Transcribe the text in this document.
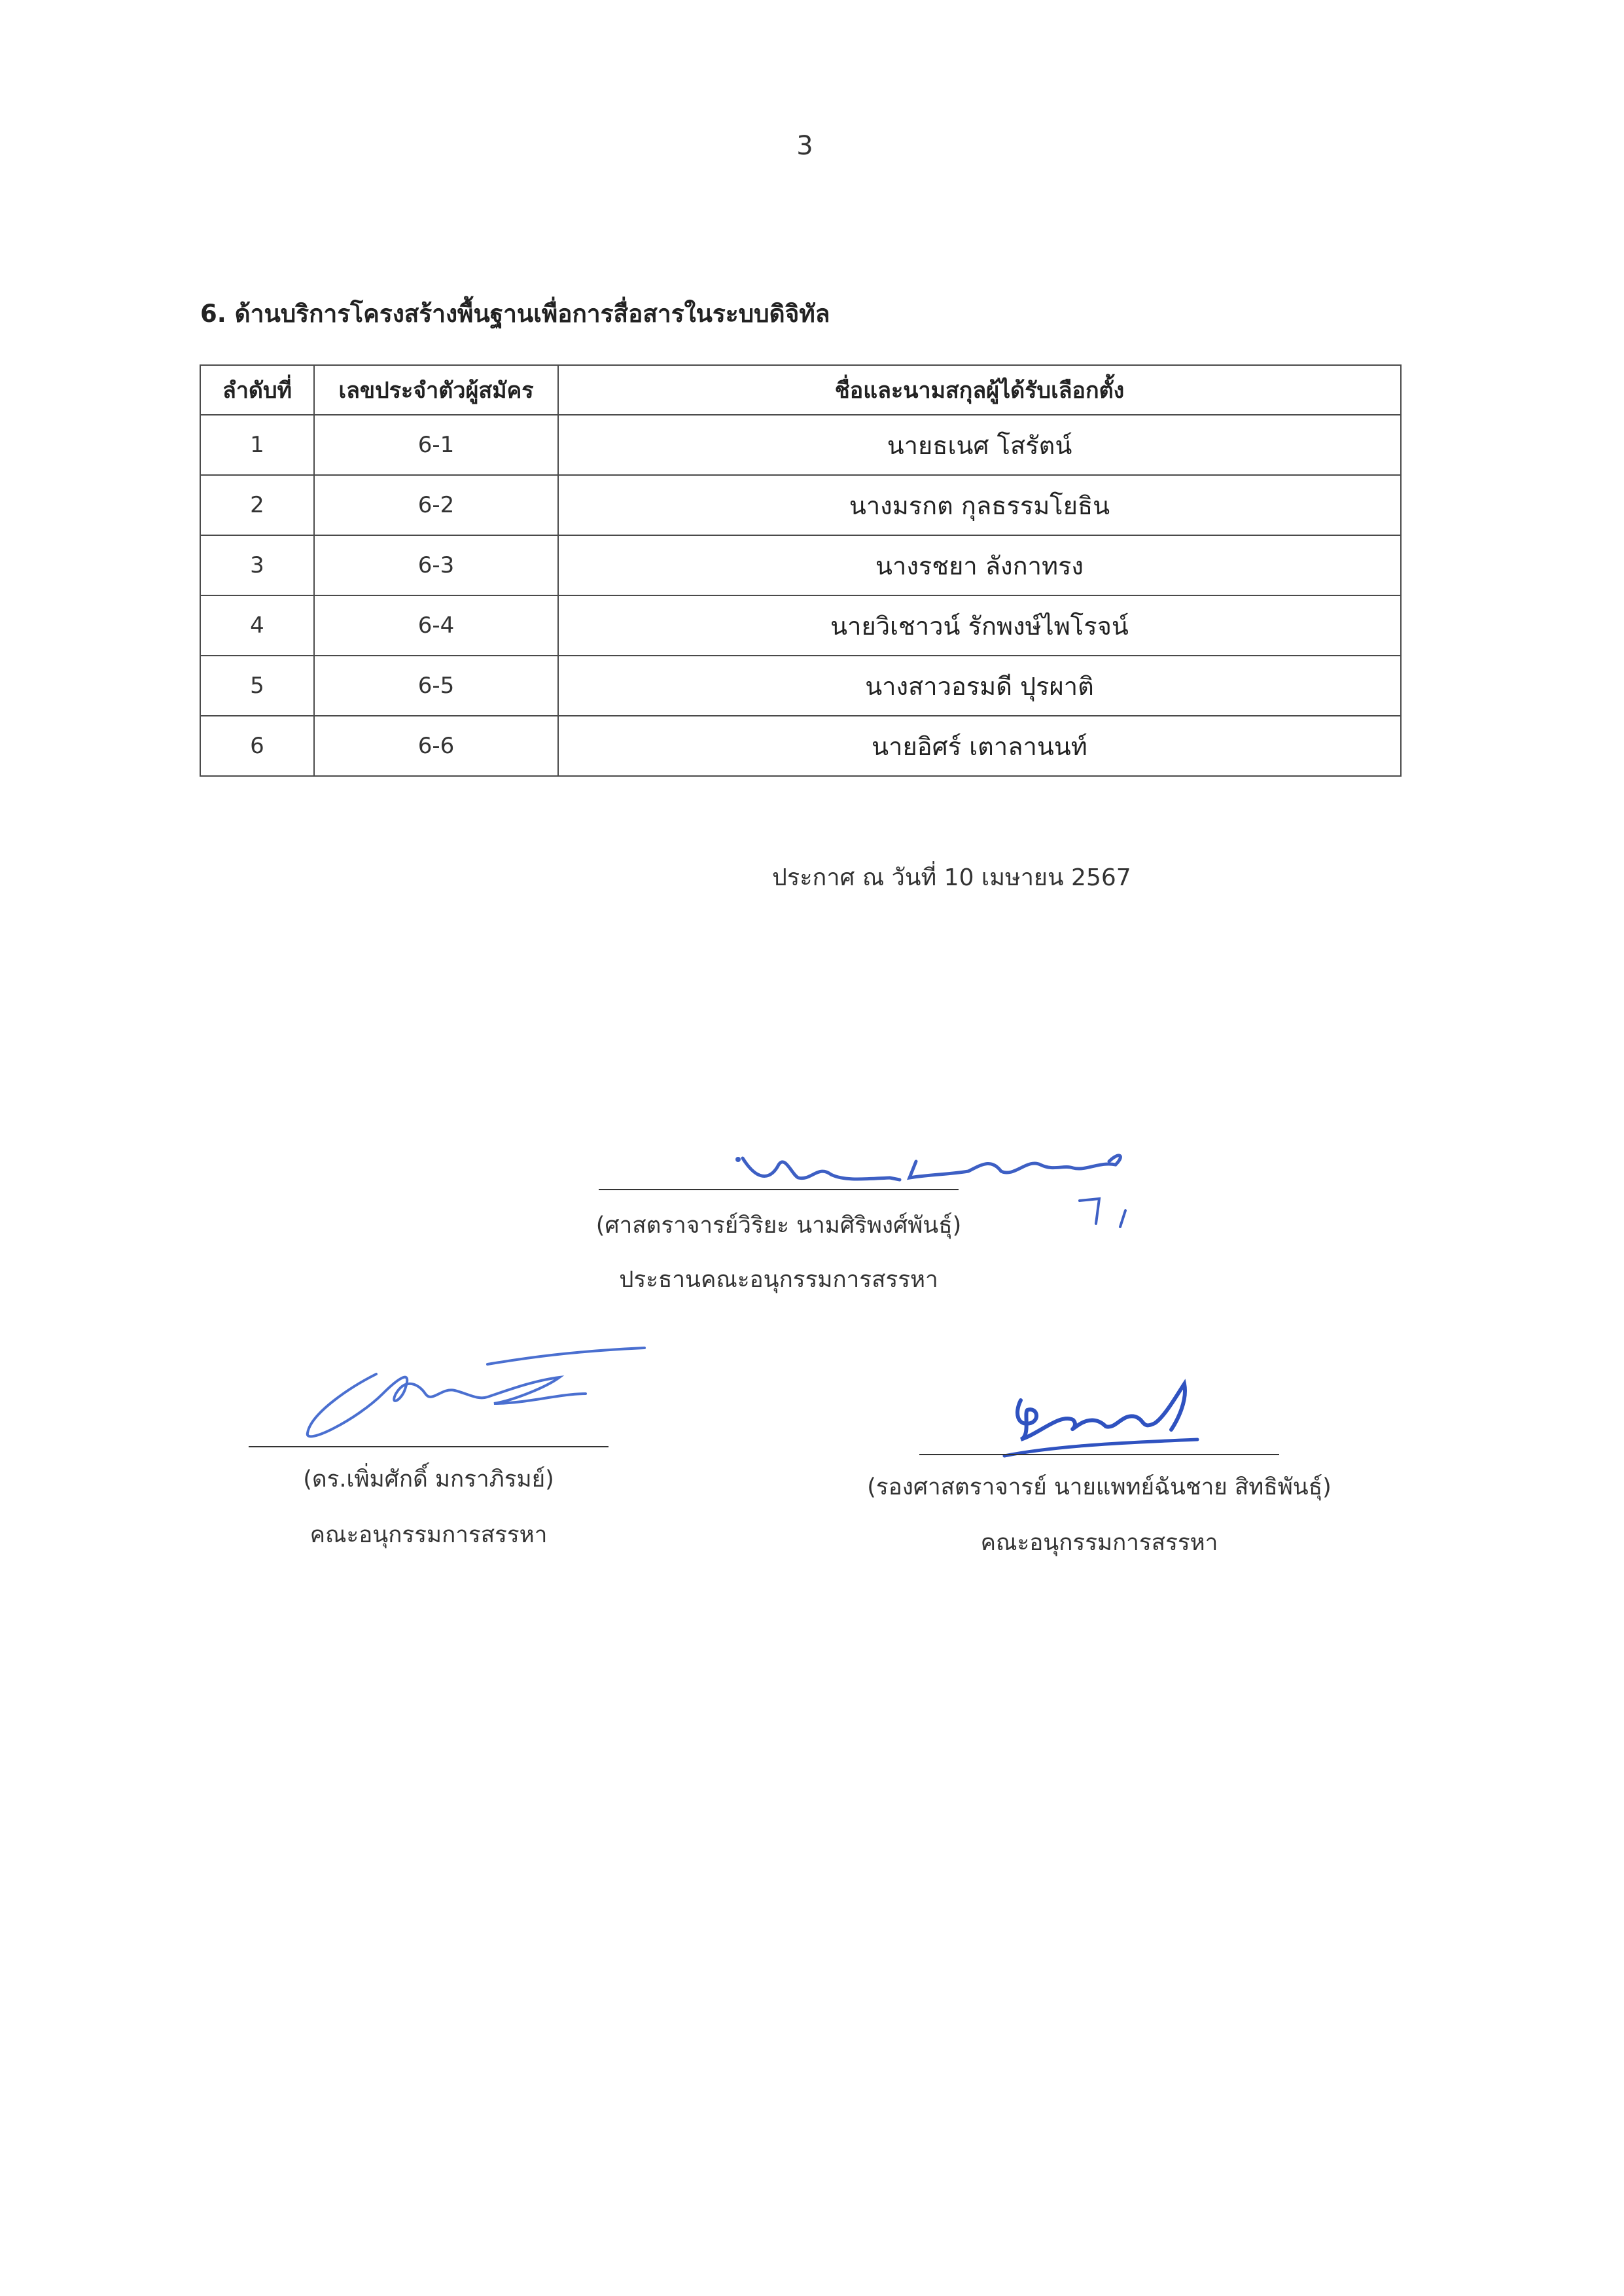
3
6. ด้านบริการโครงสร้างพื้นฐานเพื่อการสื่อสารในระบบดิจิทัล
ลำดับที่	เลขประจำตัวผู้สมัคร	ชื่อและนามสกุลผู้ได้รับเลือกตั้ง
1	6-1	นายธเนศ โสรัตน์
2	6-2	นางมรกต กุลธรรมโยธิน
3	6-3	นางรชยา ลังกาทรง
4	6-4	นายวิเชาวน์ รักพงษ์ไพโรจน์
5	6-5	นางสาวอรมดี ปุรผาติ
6	6-6	นายอิศร์ เตาลานนท์
ประกาศ ณ วันที่ 10 เมษายน 2567
(ศาสตราจารย์วิริยะ นามศิริพงศ์พันธุ์)
ประธานคณะอนุกรรมการสรรหา
(ดร.เพิ่มศักดิ์ มกราภิรมย์)
คณะอนุกรรมการสรรหา
(รองศาสตราจารย์ นายแพทย์ฉันชาย สิทธิพันธุ์)
คณะอนุกรรมการสรรหา
